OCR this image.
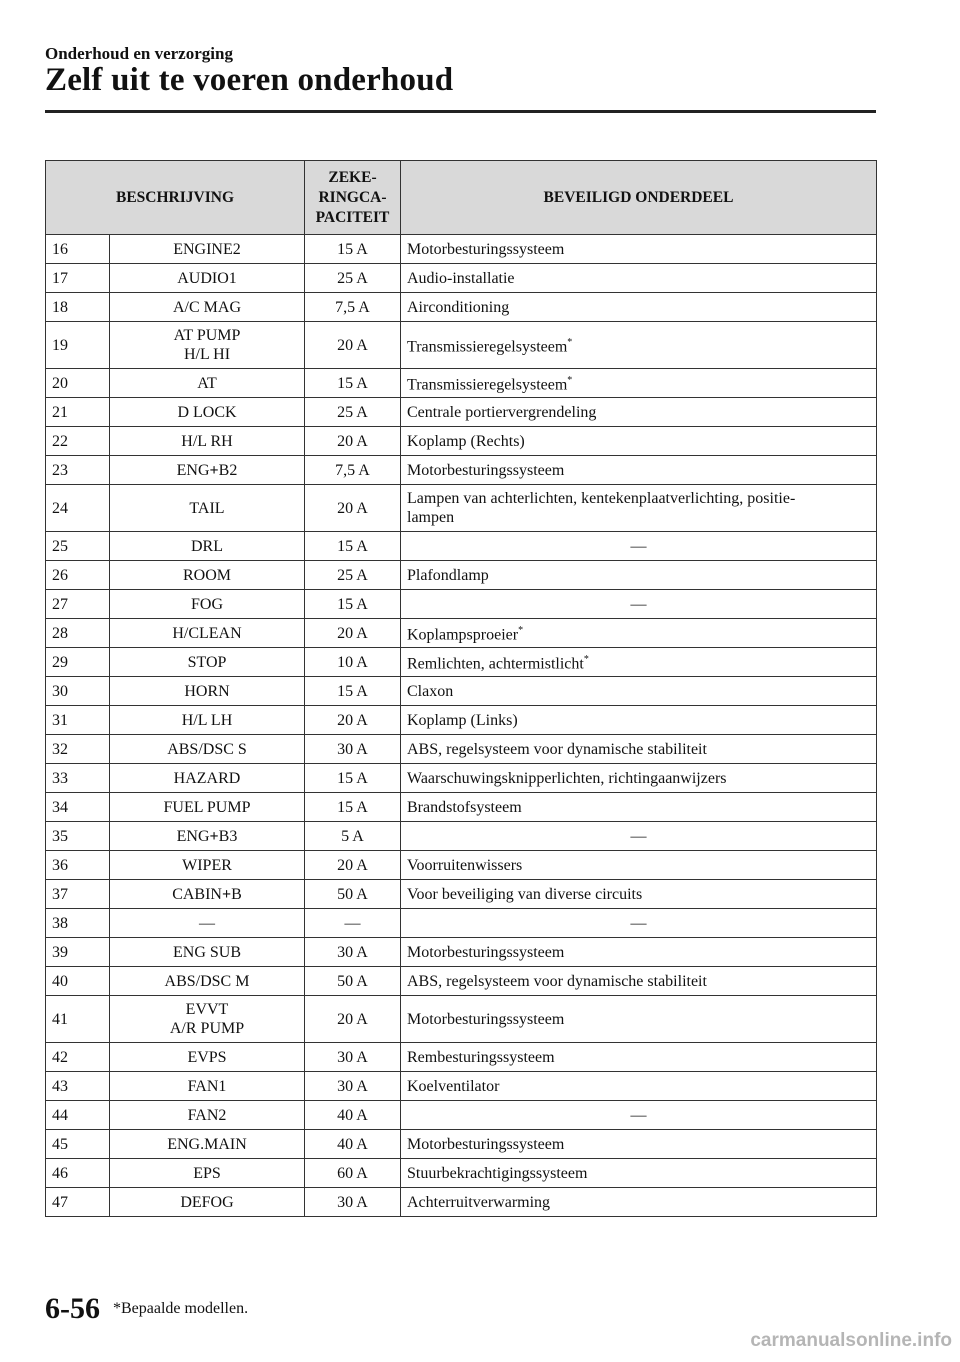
Onderhoud en verzorging
Zelf uit te voeren onderhoud
BESCHRIJVING		ZEKE-
RINGCA-
PACITEIT	BEVEILIGD ONDERDEEL
16	ENGINE2	15 A	Motorbesturingssysteem
17	AUDIO1	25 A	Audio-installatie
18	A/C MAG	7,5 A	Airconditioning
19	AT PUMP
H/L HI	20 A	Transmissieregelsysteem*
20	AT	15 A	Transmissieregelsysteem*
21	D LOCK	25 A	Centrale portiervergrendeling
22	H/L RH	20 A	Koplamp (Rechts)
23	ENG+B2	7,5 A	Motorbesturingssysteem
24	TAIL	20 A	Lampen van achterlichten, kentekenplaatverlichting, positie-
lampen
25	DRL	15 A	―
26	ROOM	25 A	Plafondlamp
27	FOG	15 A	―
28	H/CLEAN	20 A	Koplampsproeier*
29	STOP	10 A	Remlichten, achtermistlicht*
30	HORN	15 A	Claxon
31	H/L LH	20 A	Koplamp (Links)
32	ABS/DSC S	30 A	ABS, regelsysteem voor dynamische stabiliteit
33	HAZARD	15 A	Waarschuwingsknipperlichten, richtingaanwijzers
34	FUEL PUMP	15 A	Brandstofsysteem
35	ENG+B3	5 A	―
36	WIPER	20 A	Voorruitenwissers
37	CABIN+B	50 A	Voor beveiliging van diverse circuits
38	―	―	―
39	ENG SUB	30 A	Motorbesturingssysteem
40	ABS/DSC M	50 A	ABS, regelsysteem voor dynamische stabiliteit
41	EVVT
A/R PUMP	20 A	Motorbesturingssysteem
42	EVPS	30 A	Rembesturingssysteem
43	FAN1	30 A	Koelventilator
44	FAN2	40 A	―
45	ENG.MAIN	40 A	Motorbesturingssysteem
46	EPS	60 A	Stuurbekrachtigingssysteem
47	DEFOG	30 A	Achterruitverwarming
6-56 *Bepaalde modellen.
carmanualsonline.info
